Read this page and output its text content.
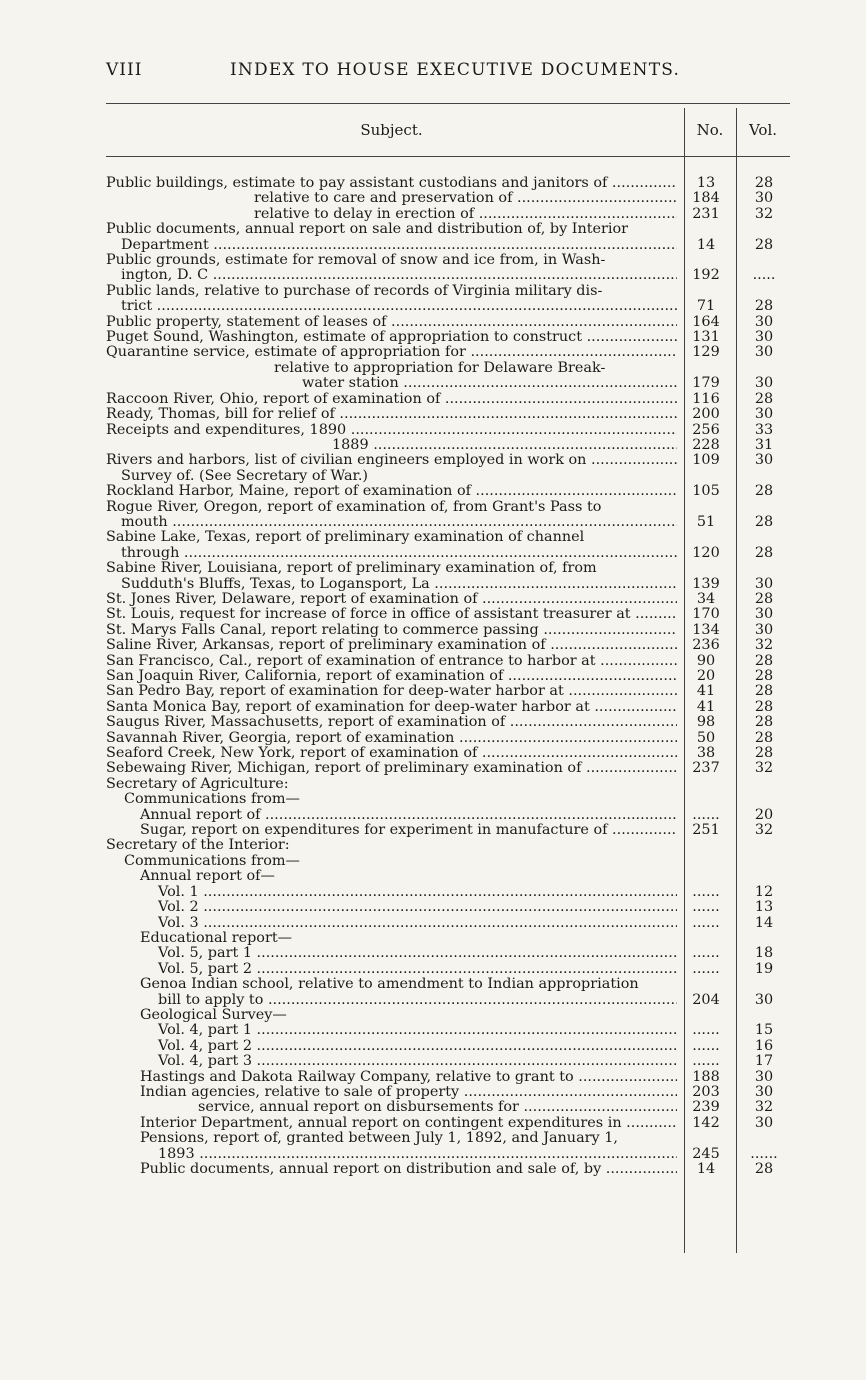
VIII	INDEX TO HOUSE EXECUTIVE DOCUMENTS.
Subject.	No.	Vol.
Public buildings, estimate to pay assistant custodians and janitors of .....	13	28
relative to care and preservation of .....	184	30
relative to delay in erection of .....	231	32
Public documents, annual report on sale and distribution of, by Interior
Department .....	14	28
Public grounds, estimate for removal of snow and ice from, in Wash-
ington, D. C .....	192	.....
Public lands, relative to purchase of records of Virginia military dis-
trict .....	71	28
Public property, statement of leases of .....	164	30
Puget Sound, Washington, estimate of appropriation to construct .....	131	30
Quarantine service, estimate of appropriation for .....	129	30
relative to appropriation for Delaware Break-
water station .....	179	30
Raccoon River, Ohio, report of examination of .....	116	28
Ready, Thomas, bill for relief of .....	200	30
Receipts and expenditures, 1890 .....	256	33
1889 .....	228	31
Rivers and harbors, list of civilian engineers employed in work on .....
Survey of. (See Secretary of War.)
109	30
Rockland Harbor, Maine, report of examination of .....	105	28
Rogue River, Oregon, report of examination of, from Grant's Pass to
mouth .....	51	28
Sabine Lake, Texas, report of preliminary examination of channel
through .....	120	28
Sabine River, Louisiana, report of preliminary examination of, from
Sudduth's Bluffs, Texas, to Logansport, La .....	139	30
St. Jones River, Delaware, report of examination of .....	34	28
St. Louis, request for increase of force in office of assistant treasurer at .....	170	30
St. Marys Falls Canal, report relating to commerce passing .....	134	30
Saline River, Arkansas, report of preliminary examination of .....	236	32
San Francisco, Cal., report of examination of entrance to harbor at .....	90	28
San Joaquin River, California, report of examination of .....	20	28
San Pedro Bay, report of examination for deep-water harbor at .....	41	28
Santa Monica Bay, report of examination for deep-water harbor at .....	41	28
Saugus River, Massachusetts, report of examination of .....	98	28
Savannah River, Georgia, report of examination .....	50	28
Seaford Creek, New York, report of examination of .....	38	28
Sebewaing River, Michigan, report of preliminary examination of .....	237	32
Secretary of Agriculture:
Communications from—
Annual report of .....	......	20
Sugar, report on expenditures for experiment in manufacture of .....	251	32
Secretary of the Interior:
Communications from—
Annual report of—
Vol. 1 .....	......	12
Vol. 2 .....	......	13
Vol. 3 .....	......	14
Educational report—
Vol. 5, part 1 .....	......	18
Vol. 5, part 2 .....	......	19
Genoa Indian school, relative to amendment to Indian appropriation
bill to apply to .....	204	30
Geological Survey—
Vol. 4, part 1 .....	......	15
Vol. 4, part 2 .....	......	16
Vol. 4, part 3 .....	......	17
Hastings and Dakota Railway Company, relative to grant to .....	188	30
Indian agencies, relative to sale of property .....	203	30
service, annual report on disbursements for .....	239	32
Interior Department, annual report on contingent expenditures in .....	142	30
Pensions, report of, granted between July 1, 1892, and January 1,
1893 .....	245	......
Public documents, annual report on distribution and sale of, by .....	14	28
